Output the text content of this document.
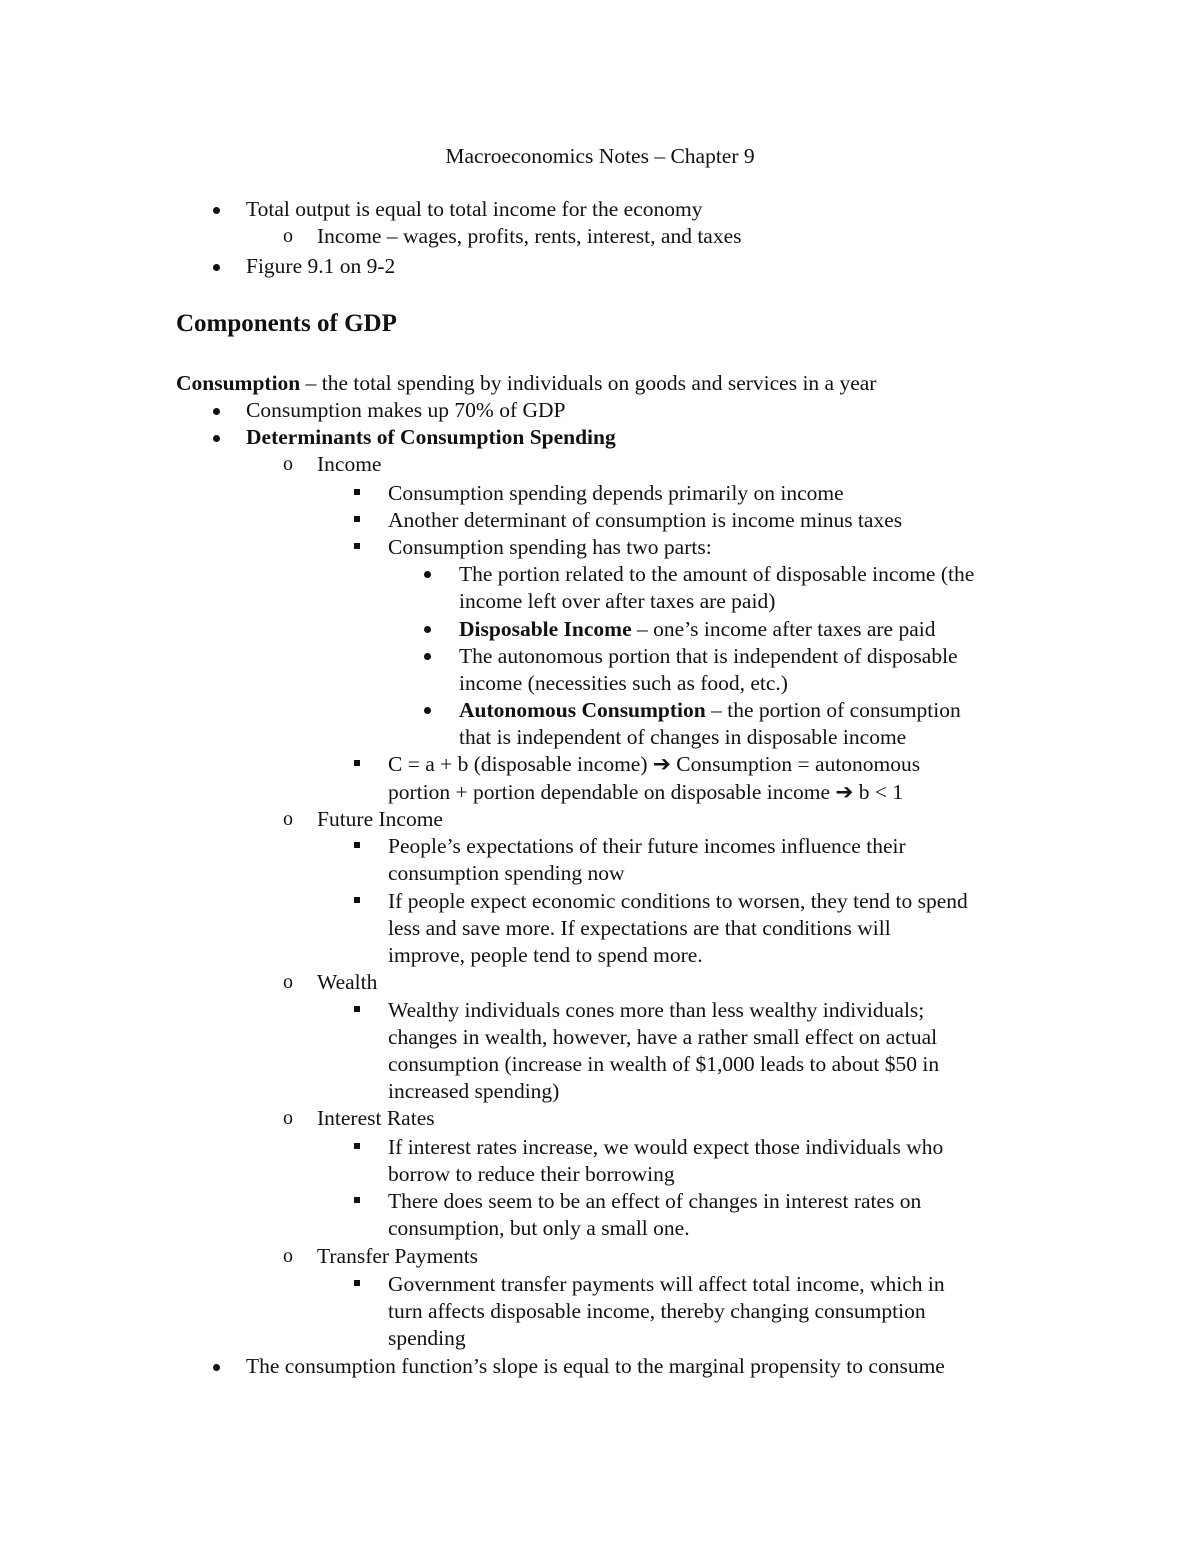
Macroeconomics Notes – Chapter 9
Total output is equal to total income for the economy
o Income – wages, profits, rents, interest, and taxes
Figure 9.1 on 9-2
Components of GDP
Consumption – the total spending by individuals on goods and services in a year
Consumption makes up 70% of GDP
Determinants of Consumption Spending
o Income
Consumption spending depends primarily on income
Another determinant of consumption is income minus taxes
Consumption spending has two parts:
The portion related to the amount of disposable income (the
income left over after taxes are paid)
Disposable Income – one’s income after taxes are paid
The autonomous portion that is independent of disposable
income (necessities such as food, etc.)
Autonomous Consumption – the portion of consumption
that is independent of changes in disposable income
C = a + b (disposable income) ➔ Consumption = autonomous
portion + portion dependable on disposable income ➔ b < 1
o Future Income
People’s expectations of their future incomes influence their
consumption spending now
If people expect economic conditions to worsen, they tend to spend
less and save more. If expectations are that conditions will
improve, people tend to spend more.
o Wealth
Wealthy individuals cones more than less wealthy individuals;
changes in wealth, however, have a rather small effect on actual
consumption (increase in wealth of $1,000 leads to about $50 in
increased spending)
o Interest Rates
If interest rates increase, we would expect those individuals who
borrow to reduce their borrowing
There does seem to be an effect of changes in interest rates on
consumption, but only a small one.
o Transfer Payments
Government transfer payments will affect total income, which in
turn affects disposable income, thereby changing consumption
spending
The consumption function’s slope is equal to the marginal propensity to consume
